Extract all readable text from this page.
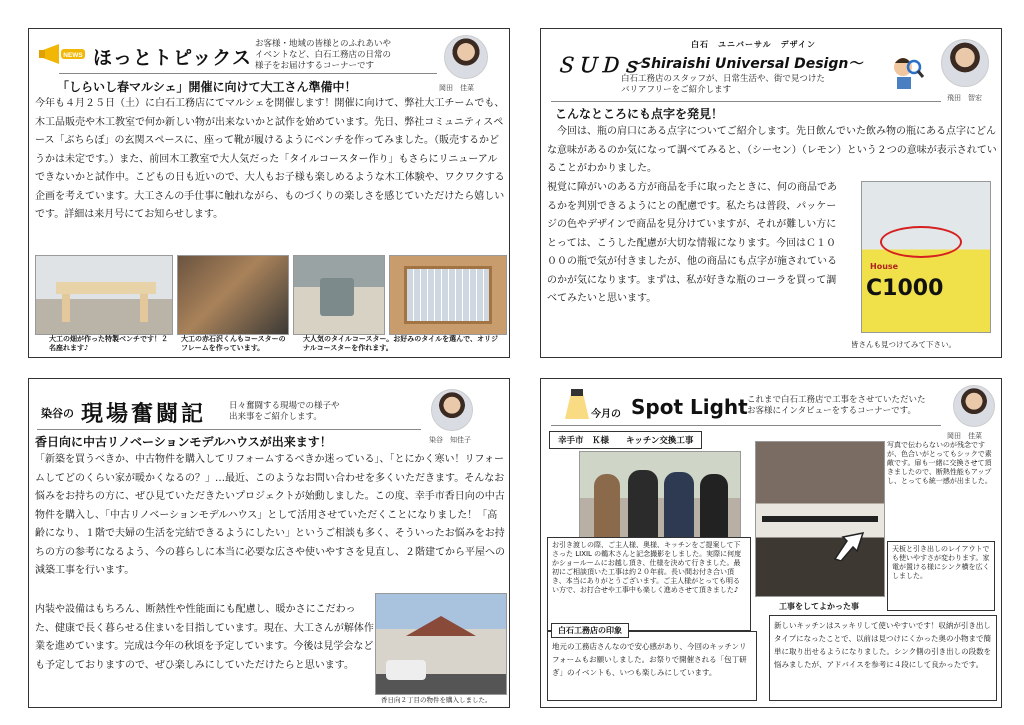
NEWS ほっとトピックス
お客様・地域の皆様とのふれあいや
イベントなど、白石工務店の日常の
様子をお届けするコーナーです
岡田　佳菜
「しらいし春マルシェ」開催に向けて大工さん準備中！
今年も４月２５日（土）に白石工務店にてマルシェを開催します！開催に向けて、弊社大工チームでも、木工品販売や木工教室で何か新しい物が出来ないかと試作を始めています。先日、弊社コミュニティスペース「ぶちらぼ」の玄関スペースに、座って靴が履けるようにベンチを作ってみました。（販売するかどうかは未定です。）また、前回木工教室で大人気だった「タイルコースター作り」もさらにリニューアルできないかと試作中。こどもの日も近いので、大人もお子様も楽しめるような木工体験や、ワクワクする企画を考えています。大工さんの手仕事に触れながら、ものづくりの楽しさを感じていただけたら嬉しいです。詳細は来月号にてお知らせします。
大工の畑が作った特製ベンチです！２名座れます♪
大工の赤石沢くんもコースターのフレームを作っています。
大人気のタイルコースター。お好みのタイルを選んで、オリジナルコースターを作れます。
白石　ユニバーサル　デザイン
ＳＵＤｓ
～Shiraishi Universal Design～
白石工務店のスタッフが、日常生活や、街で見つけた
バリアフリーをご紹介します
飛田　智宏
こんなところにも点字を発見！
今回は、瓶の肩口にある点字についてご紹介します。先日飲んでいた飲み物の瓶にある点字にどんな意味があるのか気になって調べてみると、（シーセン）（レモン）という２つの意味が表示されていることがわかりました。
視覚に障がいのある方が商品を手に取ったときに、何の商品であるかを判別できるようにとの配慮です。私たちは普段、パッケージの色やデザインで商品を見分けていますが、それが難しい方にとっては、こうした配慮が大切な情報になります。今回はＣ１０００の瓶で気が付きましたが、他の商品にも点字が施されているのかが気になります。まずは、私が好きな瓶のコーラを買って調べてみたいと思います。
House
C1000
皆さんも見つけてみて下さい。
染谷の 現場奮闘記	日々奮闘する現場での様子や
出来事をご紹介します。
染谷　知佳子
香日向に中古リノベーションモデルハウスが出来ます！
「新築を買うべきか、中古物件を購入してリフォームするべきか迷っている」、「とにかく寒い！リフォームしてどのくらい家が暖かくなるの？」…最近、このようなお問い合わせを多くいただきます。そんなお悩みをお持ちの方に、ぜひ見ていただきたいプロジェクトが始動しました。この度、幸手市香日向の中古物件を購入し、「中古リノベーションモデルハウス」として活用させていただくことになりました！「高齢になり、１階で夫婦の生活を完結できるようにしたい」というご相談も多く、そういったお悩みをお持ちの方の参考になるよう、今の暮らしに本当に必要な広さや使いやすさを見直し、２階建てから平屋への減築工事を行います。
内装や設備はもちろん、断熱性や性能面にも配慮し、暖かさにこだわった、健康で長く暮らせる住まいを目指しています。現在、大工さんが解体作業を進めています。完成は今年の秋頃を予定しています。今後は見学会なども予定しておりますので、ぜひ楽しみにしていただけたらと思います。
香日向２丁目の物件を購入しました。
今月の Spot Light これまで白石工務店で工事をさせていただいた
お客様にインタビューをするコーナーです。
岡田　佳菜
幸手市　Ｋ様　　キッチン交換工事
お引き渡しの際、ご主人様、奥様、キッチンをご提案して下さった LIXIL の鵜木さんと記念撮影をしました。実際に何度かショールームにお越し頂き、仕様を決めて行きました。最初にご相談頂いた工事は約２０年前。長い間お付き合い頂き、本当にありがとうございます。ご主人様がとっても明るい方で、お打合せや工事中も楽しく進めさせて頂きました♪
写真で伝わらないのが残念ですが、色合いがとってもシックで素敵です。扉も一緒に交換させて頂きましたので、断熱性能もアップし、とっても統一感が出ました。
天板と引き出しのレイアウトでも使いやすさが変わります。家電が置ける様にシンク横を広くしました。
白石工務店の印象
地元の工務店さんなので安心感があり、今回のキッチンリフォームもお願いしました。お祭りで開催される「包丁研ぎ」のイベントも、いつも楽しみにしています。
工事をしてよかった事
新しいキッチンはスッキリして使いやすいです！収納が引き出しタイプになったことで、以前は見つけにくかった奥の小物まで簡単に取り出せるようになりました。シンク側の引き出しの段数を悩みましたが、アドバイスを参考に４段にして良かったです。
